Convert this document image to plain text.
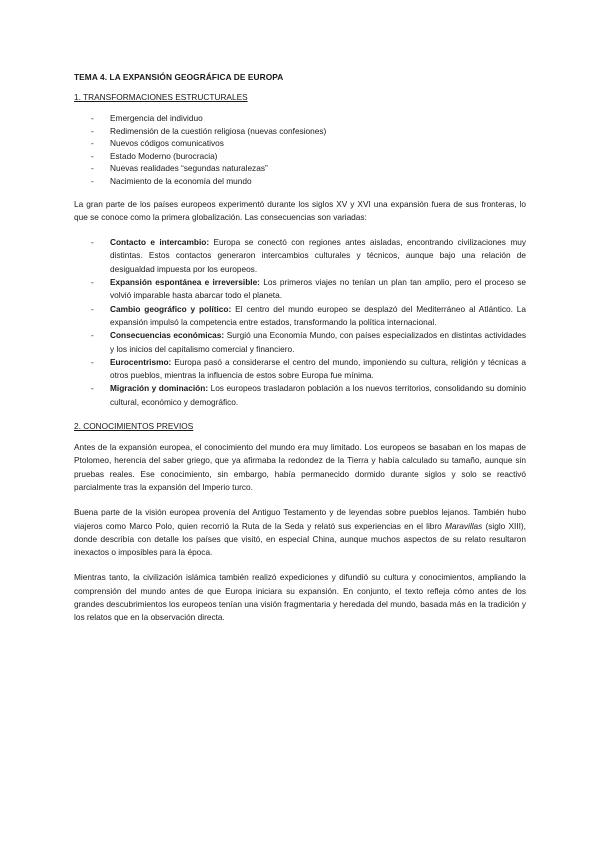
TEMA 4. LA EXPANSIÓN GEOGRÁFICA DE EUROPA
1. TRANSFORMACIONES ESTRUCTURALES
- Emergencia del individuo
- Redimensión de la cuestión religiosa (nuevas confesiones)
- Nuevos códigos comunicativos
- Estado Moderno (burocracia)
- Nuevas realidades “segundas naturalezas”
- Nacimiento de la economía del mundo

La gran parte de los países europeos experimentó durante los siglos XV y XVI una expansión fuera de sus fronteras, lo que se conoce como la primera globalización. Las consecuencias son variadas:

- Contacto e intercambio: Europa se conectó con regiones antes aisladas, encontrando civilizaciones muy distintas. Estos contactos generaron intercambios culturales y técnicos, aunque bajo una relación de desigualdad impuesta por los europeos.
- Expansión espontánea e irreversible: Los primeros viajes no tenían un plan tan amplio, pero el proceso se volvió imparable hasta abarcar todo el planeta.
- Cambio geográfico y político: El centro del mundo europeo se desplazó del Mediterráneo al Atlántico. La expansión impulsó la competencia entre estados, transformando la política internacional.
- Consecuencias económicas: Surgió una Economía Mundo, con países especializados en distintas actividades y los inicios del capitalismo comercial y financiero.
- Eurocentrismo: Europa pasó a considerarse el centro del mundo, imponiendo su cultura, religión y técnicas a otros pueblos, mientras la influencia de estos sobre Europa fue mínima.
- Migración y dominación: Los europeos trasladaron población a los nuevos territorios, consolidando su dominio cultural, económico y demográfico.
2. CONOCIMIENTOS PREVIOS

Antes de la expansión europea, el conocimiento del mundo era muy limitado. Los europeos se basaban en los mapas de Ptolomeo, herencia del saber griego, que ya afirmaba la redondez de la Tierra y había calculado su tamaño, aunque sin pruebas reales. Ese conocimiento, sin embargo, había permanecido dormido durante siglos y solo se reactivó parcialmente tras la expansión del Imperio turco.

Buena parte de la visión europea provenía del Antiguo Testamento y de leyendas sobre pueblos lejanos. También hubo viajeros como Marco Polo, quien recorrió la Ruta de la Seda y relató sus experiencias en el libro Maravillas (siglo XIII), donde describía con detalle los países que visitó, en especial China, aunque muchos aspectos de su relato resultaron inexactos o imposibles para la época.

Mientras tanto, la civilización islámica también realizó expediciones y difundió su cultura y conocimientos, ampliando la comprensión del mundo antes de que Europa iniciara su expansión. En conjunto, el texto refleja cómo antes de los grandes descubrimientos los europeos tenían una visión fragmentaria y heredada del mundo, basada más en la tradición y los relatos que en la observación directa.
